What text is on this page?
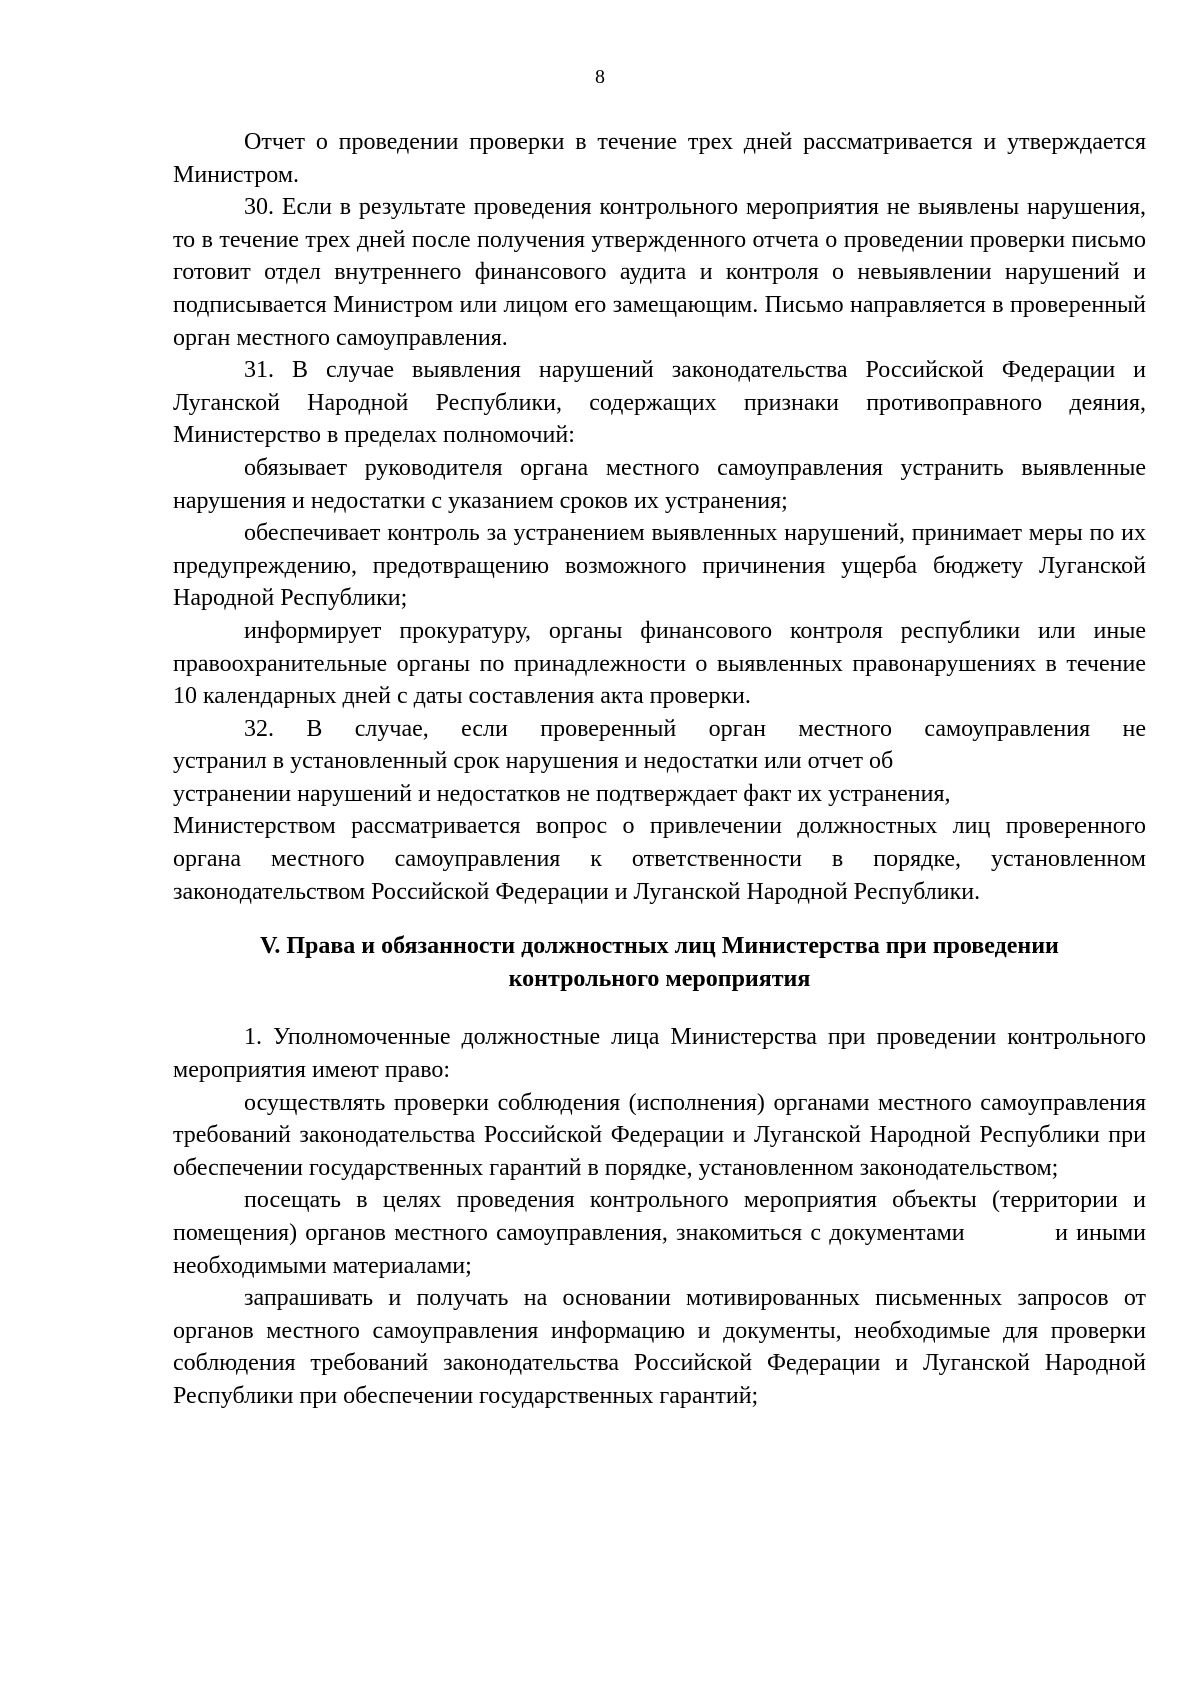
8

Отчет о проведении проверки в течение трех дней рассматривается и утверждается Министром.

30. Если в результате проведения контрольного мероприятия не выявлены нарушения, то в течение трех дней после получения утвержденного отчета о проведении проверки письмо готовит отдел внутреннего финансового аудита и контроля о невыявлении нарушений и подписывается Министром или лицом его замещающим. Письмо направляется в проверенный орган местного самоуправления.

31. В случае выявления нарушений законодательства Российской Федерации и Луганской Народной Республики, содержащих признаки противоправного деяния, Министерство в пределах полномочий:

обязывает руководителя органа местного самоуправления устранить выявленные нарушения и недостатки с указанием сроков их устранения;

обеспечивает контроль за устранением выявленных нарушений, принимает меры по их предупреждению, предотвращению возможного причинения ущерба бюджету Луганской Народной Республики;

информирует прокуратуру, органы финансового контроля республики или иные правоохранительные органы по принадлежности о выявленных правонарушениях в течение 10 календарных дней с даты составления акта проверки.

32. В случае, если проверенный орган местного самоуправления не

устранил в установленный срок нарушения и недостатки или отчет об

устранении нарушений и недостатков не подтверждает факт их устранения,

Министерством рассматривается вопрос о привлечении должностных лиц проверенного органа местного самоуправления к ответственности в порядке, установленном законодательством Российской Федерации и Луганской Народной Республики.

V. Права и обязанности должностных лиц Министерства при проведении
контрольного мероприятия

1. Уполномоченные должностные лица Министерства при проведении контрольного мероприятия имеют право:

осуществлять проверки соблюдения (исполнения) органами местного самоуправления требований законодательства Российской Федерации и Луганской Народной Республики при обеспечении государственных гарантий в порядке, установленном законодательством;

посещать в целях проведения контрольного мероприятия объекты (территории и помещения) органов местного самоуправления, знакомиться с документами           и иными необходимыми материалами;

запрашивать и получать на основании мотивированных письменных запросов от органов местного самоуправления информацию и документы, необходимые для проверки соблюдения требований законодательства Российской Федерации и Луганской Народной Республики при обеспечении государственных гарантий;
